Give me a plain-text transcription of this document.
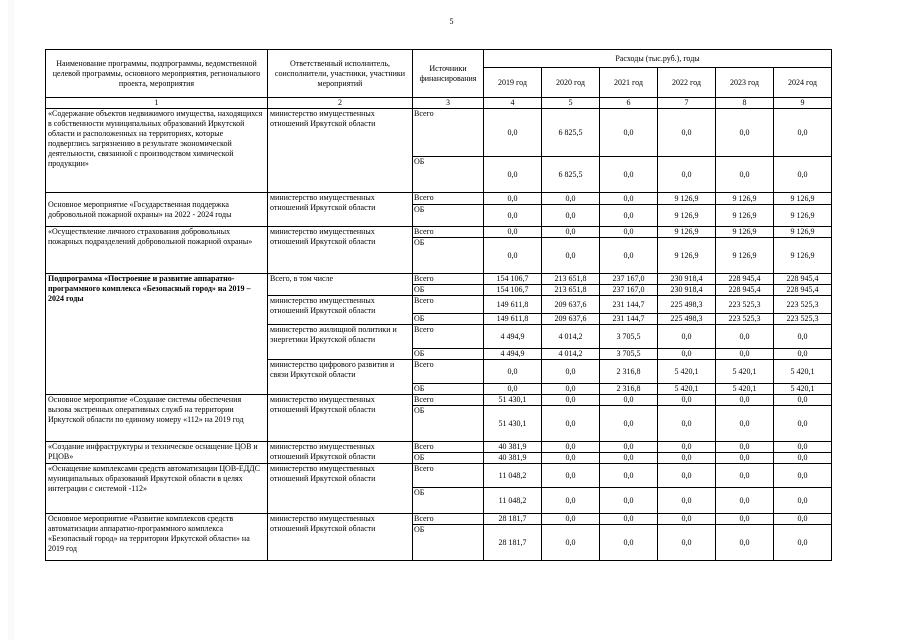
5
Наименование программы, подпрограммы, ведомственной целевой программы, основного мероприятия, регионального проекта, мероприятия	Ответственный исполнитель, соисполнители, участники, участники мероприятий	Источники финансирования	Расходы (тыс.руб.), годы					
			2019 год	2020 год	2021 год	2022 год	2023 год	2024 год
1	2	3	4	5	6	7	8	9
«Содержание объектов недвижимого имущества, находящихся в собственности муниципальных образований Иркутской области и расположенных на территориях, которые подверглись загрязнению в результате экономической деятельности, связанной с производством химической продукции»	министерство имущественных отношений Иркутской области	Всего	0,0	6 825,5	0,0	0,0	0,0	0,0
		ОБ	0,0	6 825,5	0,0	0,0	0,0	0,0
Основное мероприятие «Государственная поддержка добровольной пожарной охраны» на 2022 - 2024 годы	министерство имущественных отношений Иркутской области	Всего	0,0	0,0	0,0	9 126,9	9 126,9	9 126,9
		ОБ	0,0	0,0	0,0	9 126,9	9 126,9	9 126,9
«Осуществление личного страхования добровольных пожарных подразделений добровольной пожарной охраны»	министерство имущественных отношений Иркутской области	Всего	0,0	0,0	0,0	9 126,9	9 126,9	9 126,9
		ОБ	0,0	0,0	0,0	9 126,9	9 126,9	9 126,9
Подпрограмма «Построение и развитие аппаратно-программного комплекса «Безопасный город» на 2019 – 2024 годы	Всего, в том числе	Всего	154 106,7	213 651,8	237 167,0	230 918,4	228 945,4	228 945,4
		ОБ	154 106,7	213 651,8	237 167,0	230 918,4	228 945,4	228 945,4
	министерство имущественных отношений Иркутской области	Всего	149 611,8	209 637,6	231 144,7	225 498,3	223 525,3	223 525,3
		ОБ	149 611,8	209 637,6	231 144,7	225 498,3	223 525,3	223 525,3
	министерство жилищной политики и энергетики Иркутской области	Всего	4 494,9	4 014,2	3 705,5	0,0	0,0	0,0
		ОБ	4 494,9	4 014,2	3 705,5	0,0	0,0	0,0
	министерство цифрового развития и связи Иркутской области	Всего	0,0	0,0	2 316,8	5 420,1	5 420,1	5 420,1
		ОБ	0,0	0,0	2 316,8	5 420,1	5 420,1	5 420,1
Основное мероприятие «Создание системы обеспечения вызова экстренных оперативных служб на территории Иркутской области по единому номеру «112» на 2019 год	министерство имущественных отношений Иркутской области	Всего	51 430,1	0,0	0,0	0,0	0,0	0,0
		ОБ	51 430,1	0,0	0,0	0,0	0,0	0,0
«Создание инфраструктуры и техническое оснащение ЦОВ и РЦОВ»	министерство имущественных отношений Иркутской области	Всего	40 381,9	0,0	0,0	0,0	0,0	0,0
		ОБ	40 381,9	0,0	0,0	0,0	0,0	0,0
«Оснащение комплексами средств автоматизации ЦОВ-ЕДДС муниципальных образований Иркутской области в целях интеграции с системой -112»	министерство имущественных отношений Иркутской области	Всего	11 048,2	0,0	0,0	0,0	0,0	0,0
		ОБ	11 048,2	0,0	0,0	0,0	0,0	0,0
Основное мероприятие «Развитие комплексов средств автоматизации аппаратно-программного комплекса «Безопасный город» на территории Иркутской области» на 2019 год	министерство имущественных отношений Иркутской области	Всего	28 181,7	0,0	0,0	0,0	0,0	0,0
		ОБ	28 181,7	0,0	0,0	0,0	0,0	0,0
